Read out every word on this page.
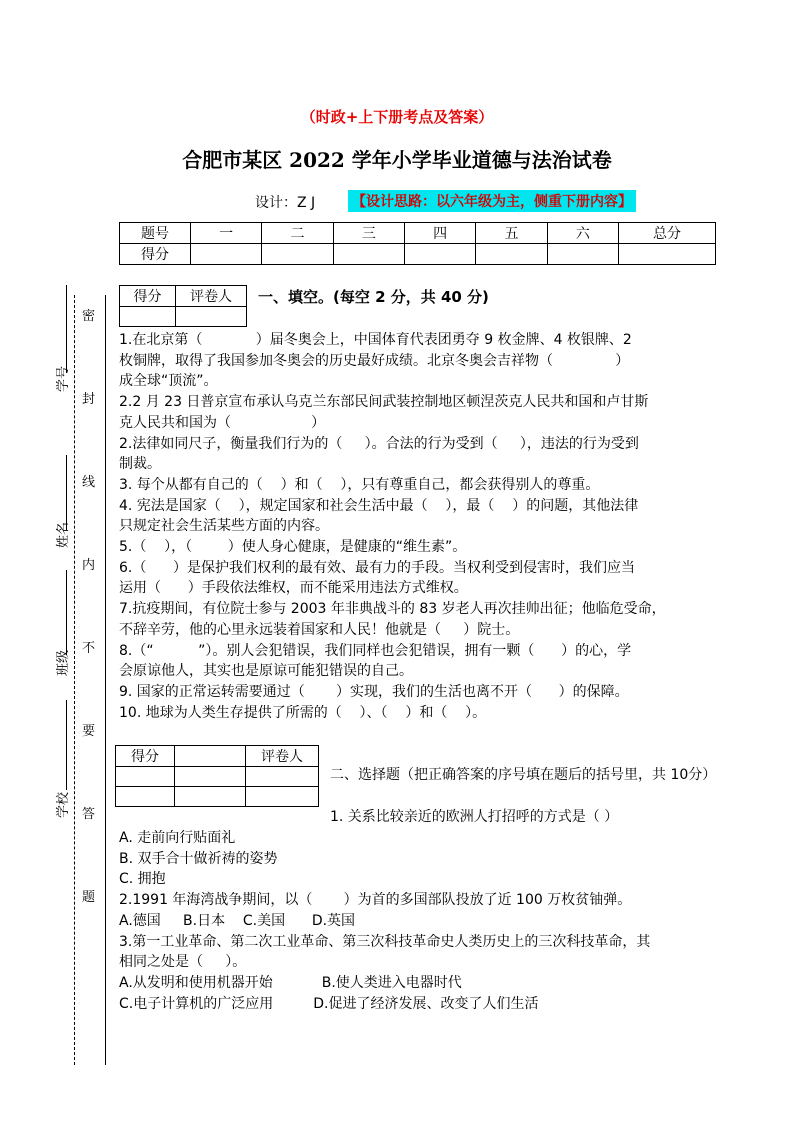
（时政+上下册考点及答案）
合肥市某区 2022 学年小学毕业道德与法治试卷
设计：Z J	【设计思路：以六年级为主，侧重下册内容】
题号	一	二	三	四	五	六	总分
得分							
得分	评卷人
	一、填空。(每空 2 分，共 40 分)
1.在北京第（            ）届冬奥会上，中国体育代表团勇夺 9 枚金牌、4 枚银牌、2
枚铜牌，取得了我国参加冬奥会的历史最好成绩。北京冬奥会吉祥物（              ）
成全球“顶流”。
2.2 月 23 日普京宣布承认乌克兰东部民间武装控制地区顿涅茨克人民共和国和卢甘斯
克人民共和国为（                  ）
2.法律如同尺子，衡量我们行为的（     ）。合法的行为受到（     ），违法的行为受到
制裁。
3. 每个从都有自己的（    ）和（    ），只有尊重自己，都会获得别人的尊重。
4. 宪法是国家（    ），规定国家和社会生活中最（    ），最（    ）的问题，其他法律
只规定社会生活某些方面的内容。
5.（    ），（        ）使人身心健康，是健康的“维生素”。
6.（      ）是保护我们权利的最有效、最有力的手段。当权利受到侵害时，我们应当
运用（      ）手段依法维权，而不能采用违法方式维权。
7.抗疫期间，有位院士参与 2003 年非典战斗的 83 岁老人再次挂帅出征；他临危受命，
不辞辛劳，他的心里永远装着国家和人民！他就是（     ）院士。
8.（“          ”）。别人会犯错误，我们同样也会犯错误，拥有一颗（      ）的心，学
会原谅他人，其实也是原谅可能犯错误的自己。
9. 国家的正常运转需要通过（       ）实现，我们的生活也离不开（      ）的保障。
10. 地球为人类生存提供了所需的（    ）、（    ）和（    ）。
得分		评卷人

二、选择题（把正确答案的序号填在题后的括号里，共 10分）
1. 关系比较亲近的欧洲人打招呼的方式是（ ）
A. 走前向行贴面礼
B. 双手合十做祈祷的姿势
C. 拥抱
2.1991 年海湾战争期间，以（       ）为首的多国部队投放了近 100 万枚贫铀弹。
A.德国     B.日本    C.美国      D.英国
3.第一工业革命、第二次工业革命、第三次科技革命史人类历史上的三次科技革命，其
相同之处是（     ）。
A.从发明和使用机器开始           B.使人类进入电器时代
C.电子计算机的广泛应用         D.促进了经济发展、改变了人们生活
密
封
线
内
不
要
答
题
学号
姓名
班级
学校
